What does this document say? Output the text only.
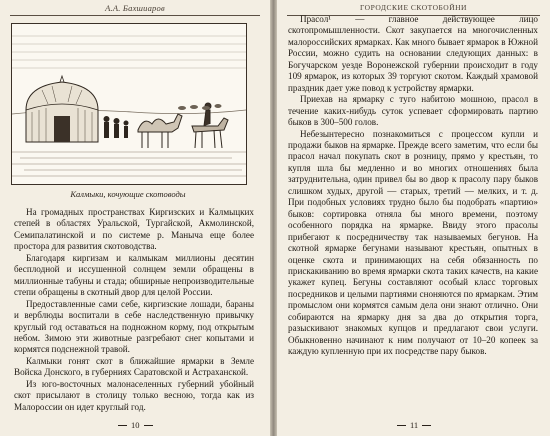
А.А. Бахшиаров
Калмыки, кочующие скотоводы

На громадных пространствах Киргизских и Калмыцких степей в областях Уральской, Тургайской, Акмолинской, Семипалатинской и по системе р. Маныча еще более простора для развития скотоводства.

Благодаря киргизам и калмыкам миллионы десятин бесплодной и иссушенной солнцем земли обращены в миллионные табуны и стада; обширные непроизводительные степи обращены в скотный двор для целой России.

Предоставленные сами себе, киргизские лошади, бараны и верблюды воспитали в себе наследственную привычку круглый год оставаться на подножном корму, под открытым небом. Зимою эти животные разгребают снег копытами и кормятся подснежной травой.

Калмыки гонят скот в ближайшие ярмарки в Земле Войска Донского, в губерниях Саратовской и Астраханской.

Из юго-восточных малонаселенных губерний убойный скот присылают в столицу только весною, тогда как из Малороссии он идет круглый год.

10
ГОРОДСКИЕ СКОТОБОЙНИ

Прасол¹ — главное действующее лицо скотопромышленности. Скот закупается на многочисленных малороссийских ярмарках. Как много бывает ярмарок в Южной России, можно судить на основании следующих данных: в Богучарском уезде Воронежской губернии происходит в году 109 ярмарок, из которых 39 торгуют скотом. Каждый храмовой праздник дает уже повод к устройству ярмарки.

Приехав на ярмарку с туго набитою мошною, прасол в течение каких-нибудь суток успевает сформировать партию быков в 300–500 голов.

Небезынтересно познакомиться с процессом купли и продажи быков на ярмарке. Прежде всего заметим, что если бы прасол начал покупать скот в розницу, прямо у крестьян, то купля шла бы медленно и во многих отношениях была затруднительна, один привел бы во двор к прасолу пару быков слишком худых, другой — старых, третий — мелких, и т. д. При подобных условиях трудно было бы подобрать «партию» быков: сортировка отняла бы много времени, поэтому особенного порядка на ярмарке. Ввиду этого прасолы прибегают к посредничеству так называемых бегунов. На скотной ярмарке бегунами называют крестьян, опытных в оценке скота и принимающих на себя обязанность по прискакиванию во время ярмарки скота таких качеств, на какие укажет купец. Бегуны составляют особый класс торговых посредников и целыми партиями сноняются по ярмаркам. Этим промыслом они кормятся самым дела они знают отлично. Они собираются на ярмарку дня за два до открытия торга, разыскивают знакомых купцов и предлагают свои услуги. Обыкновенно начинают к ним получают от 10–20 копеек за каждую купленную при их посредстве пару быков.

11
